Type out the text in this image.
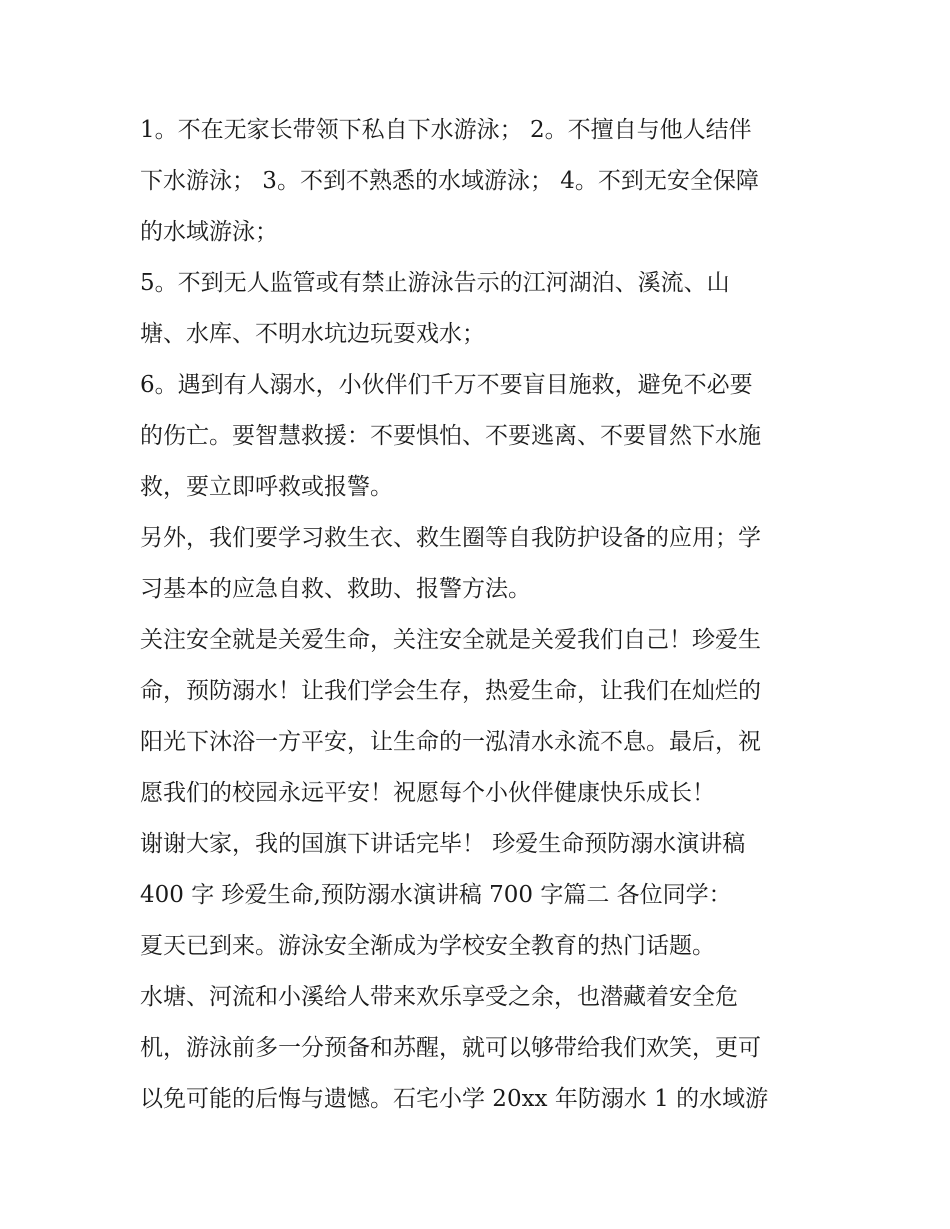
1。不在无家长带领下私自下水游泳； 2。不擅自与他人结伴
下水游泳； 3。不到不熟悉的水域游泳； 4。不到无安全保障
的水域游泳；
5。不到无人监管或有禁止游泳告示的江河湖泊、溪流、山
塘、水库、不明水坑边玩耍戏水；
6。遇到有人溺水，小伙伴们千万不要盲目施救，避免不必要
的伤亡。要智慧救援：不要惧怕、不要逃离、不要冒然下水施
救，要立即呼救或报警。
另外，我们要学习救生衣、救生圈等自我防护设备的应用；学
习基本的应急自救、救助、报警方法。
关注安全就是关爱生命，关注安全就是关爱我们自己！珍爱生
命，预防溺水！让我们学会生存，热爱生命，让我们在灿烂的
阳光下沐浴一方平安，让生命的一泓清水永流不息。最后，祝
愿我们的校园永远平安！祝愿每个小伙伴健康快乐成长！
谢谢大家，我的国旗下讲话完毕！ 珍爱生命预防溺水演讲稿
400 字 珍爱生命,预防溺水演讲稿 700 字篇二 各位同学：
夏天已到来。游泳安全渐成为学校安全教育的热门话题。
水塘、河流和小溪给人带来欢乐享受之余，也潜藏着安全危
机，游泳前多一分预备和苏醒，就可以够带给我们欢笑，更可
以免可能的后悔与遗憾。石宅小学 20xx 年防溺水 1 的水域游
